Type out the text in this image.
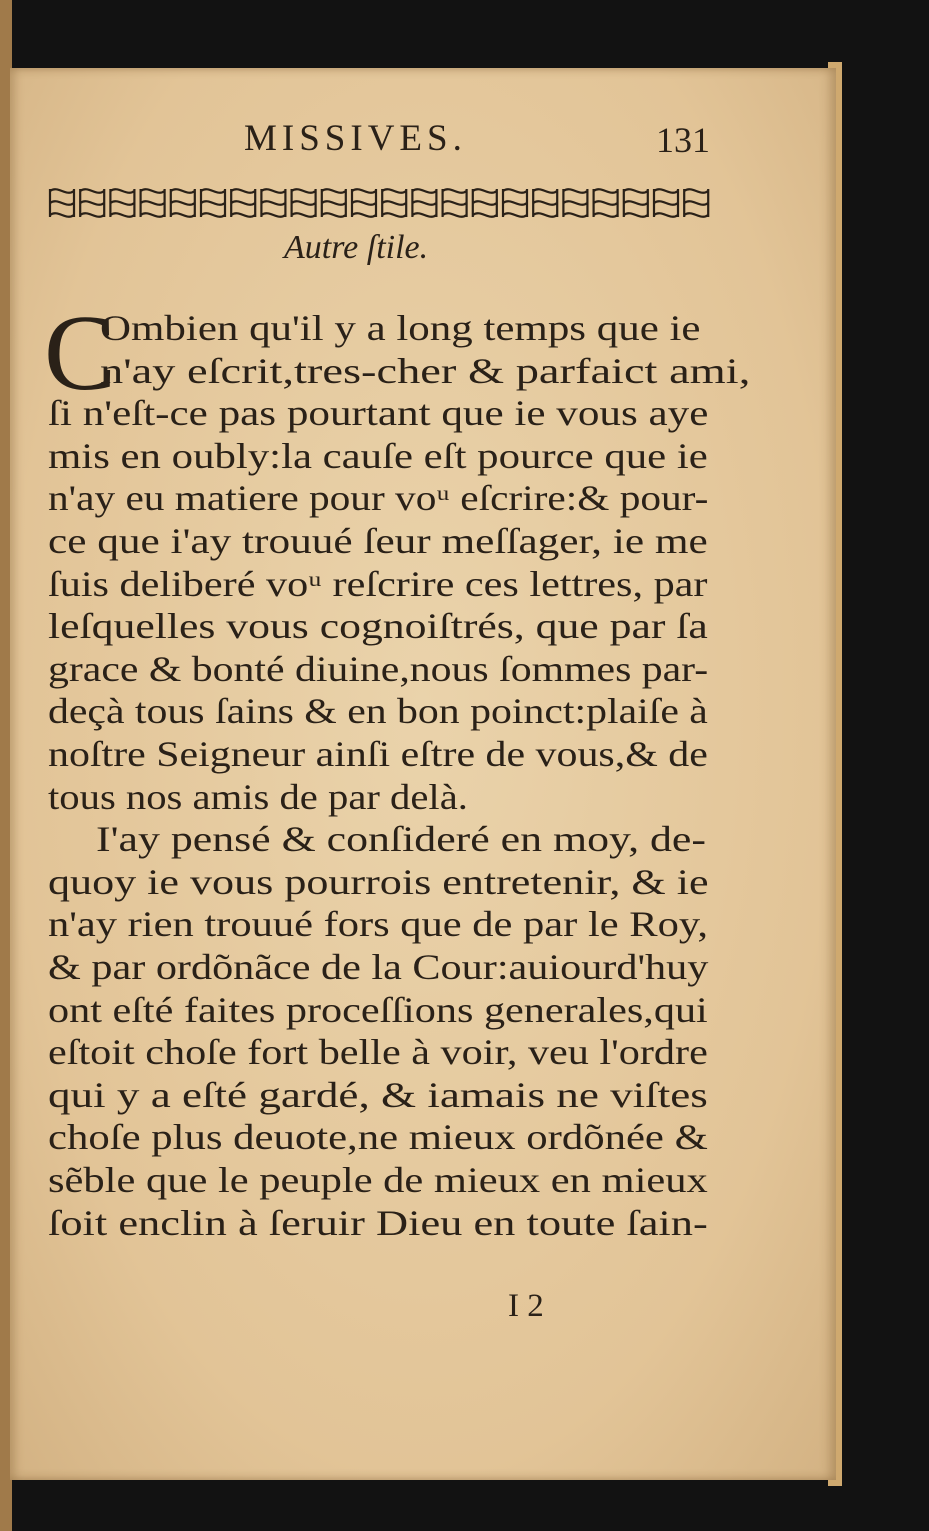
MISSIVES.	131
Autre ſtile.
C
Ombien qu'il y a long temps que ie
n'ay eſcrit,tres-cher & parfaict ami,
ſi n'eſt-ce pas pourtant que ie vous aye
mis en oubly:la cauſe eſt pource que ie
n'ay eu matiere pour voᵘ eſcrire:& pour-
ce que i'ay trouué ſeur meſſager, ie me
ſuis deliberé voᵘ reſcrire ces lettres, par
leſquelles vous cognoiſtrés, que par ſa
grace & bonté diuine,nous ſommes par-
deçà tous ſains & en bon poinct:plaiſe à
noſtre Seigneur ainſi eſtre de vous,& de
tous nos amis de par delà.
I'ay pensé & conſideré en moy, de-
quoy ie vous pourrois entretenir, & ie
n'ay rien trouué fors que de par le Roy,
& par ordõnãce de la Cour:auiourd'huy
ont eſté faites proceſſions generales,qui
eſtoit choſe fort belle à voir, veu l'ordre
qui y a eſté gardé, & iamais ne viſtes
choſe plus deuote,ne mieux ordõnée &
sẽble que le peuple de mieux en mieux
ſoit enclin à ſeruir Dieu en toute ſain-
I 2
